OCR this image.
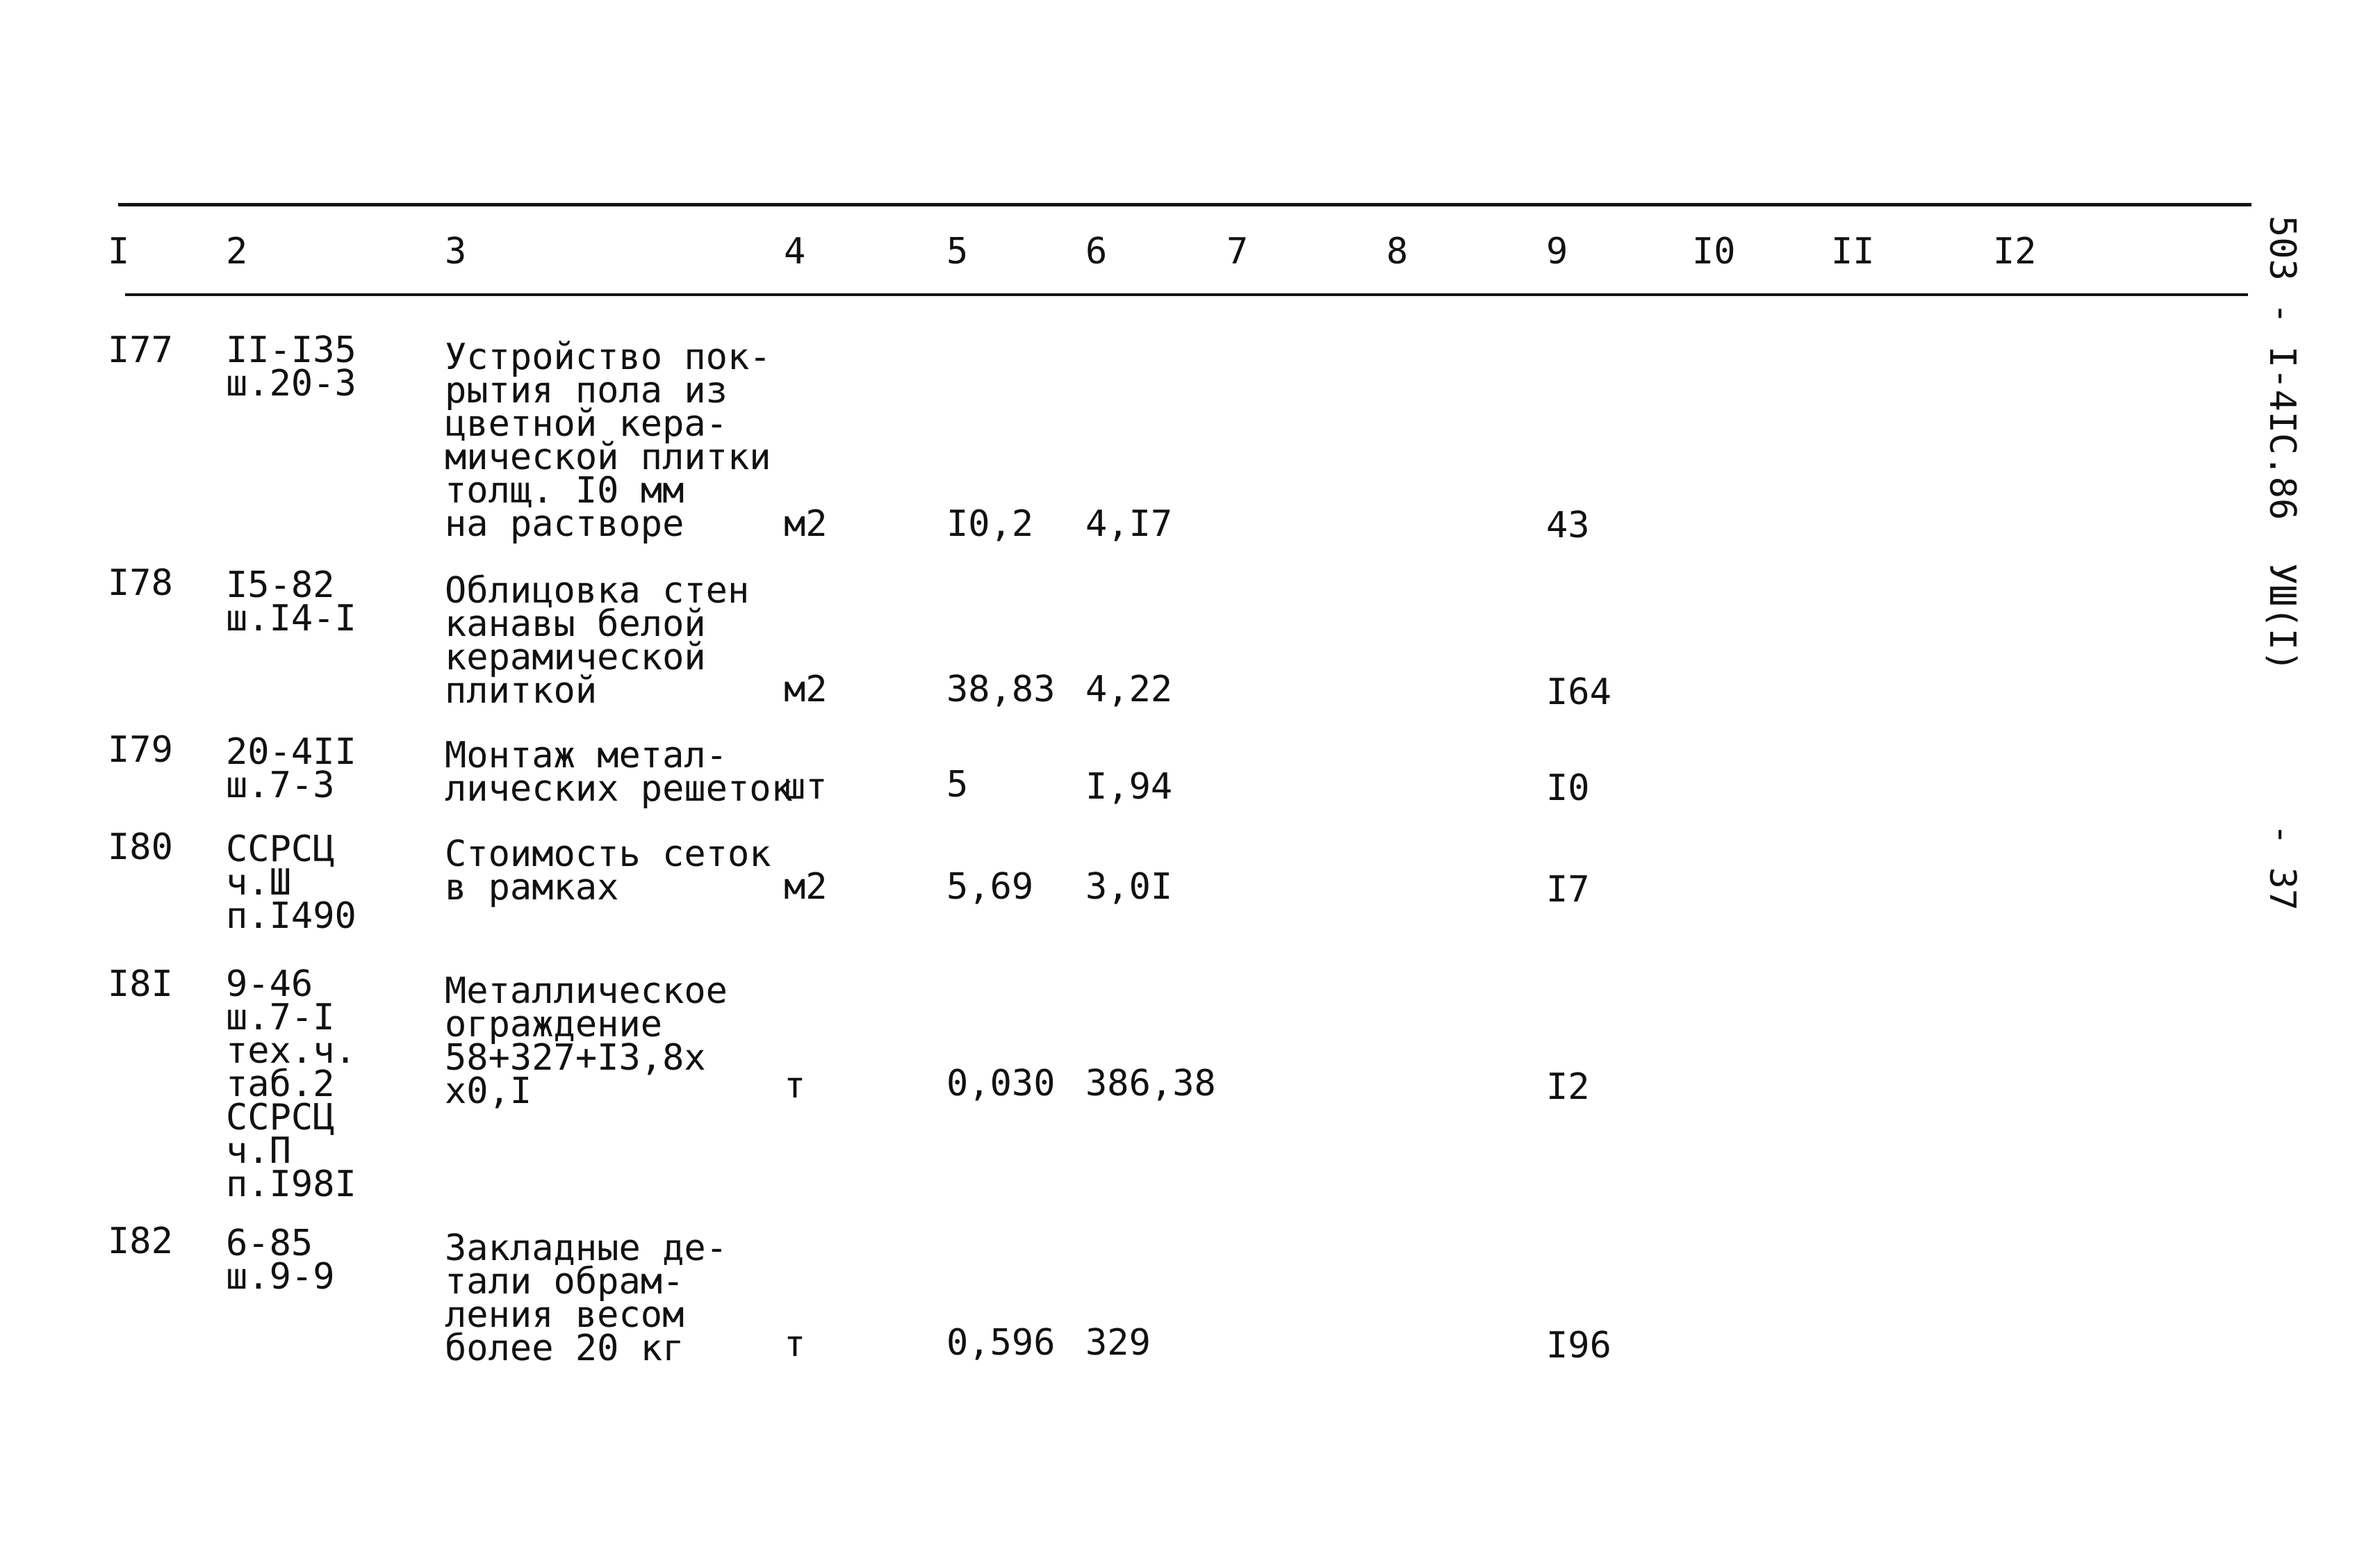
I	2	3	4	5	6	7	8	9	I0	II	I2
I77 II-I35
ш.20-3
Устройство пок-
рытия пола из
цветной кера-
мической плитки
толщ. I0 мм
на растворе	м2	I0,2 4,I7	43
I78 I5-82
ш.I4-I
Облицовка стен
канавы белой
керамической
плиткой	м2	38,83 4,22	I64
I79 20-4II
ш.7-3
Монтаж метал-
лических решеток
шт	5	I,94	I0
I80 ССРСЦ
ч.Ш
п.I490
Стоимость сеток
в рамках	м2	5,69 3,0I	I7
I8I 9-46
ш.7-I
тех.ч.
таб.2
ССРСЦ
ч.П
п.I98I
Металлическое
ограждение
58+327+I3,8х
х0,I	т	0,030 386,38	I2
I82 6-85
ш.9-9
Закладные де-
тали обрам-
ления весом
более 20 кг	т	0,596 329	I96
503 - I-4IC.86
УШ(I)
- 37
